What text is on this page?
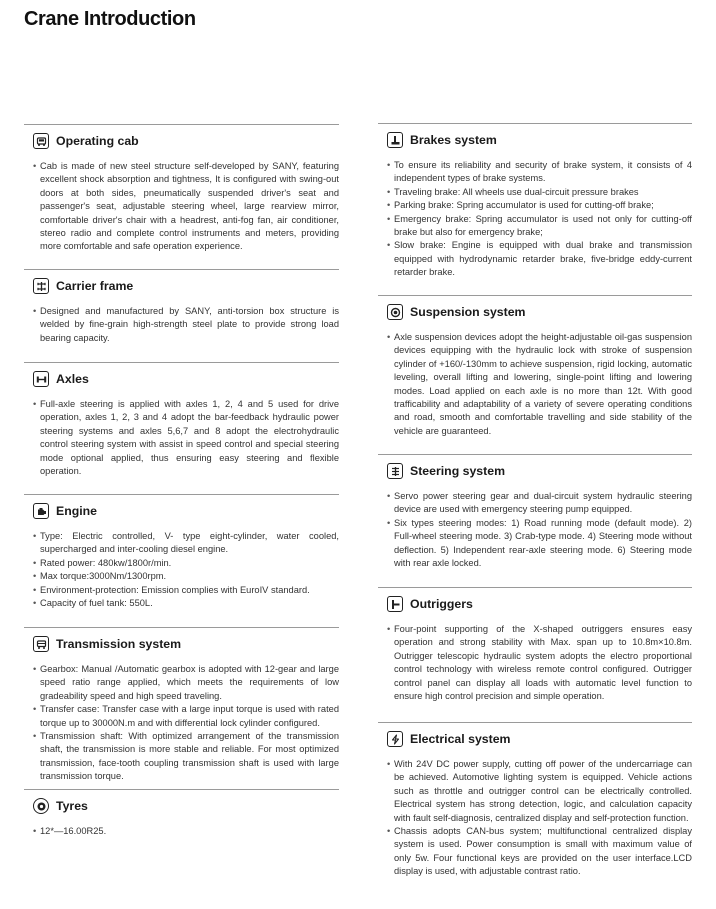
Crane Introduction
Operating cab
• Cab is made of new steel structure self-developed by SANY, featuring excellent shock absorption and tightness, It is configured with swing-out doors at both sides, pneumatically suspended driver's seat and passenger's seat, adjustable steering wheel, large rearview mirror, comfortable driver's chair with a headrest, anti-fog fan, air conditioner, stereo radio and complete control instruments and meters, providing more comfortable and safe operation experience.
Carrier frame
• Designed and manufactured by SANY, anti-torsion box structure is welded by fine-grain high-strength steel plate to provide strong load bearing capacity.
Axles
• Full-axle steering is applied with axles 1, 2, 4 and 5 used for drive operation, axles 1, 2, 3 and 4 adopt the bar-feedback hydraulic power steering systems and axles 5,6,7 and 8 adopt the electrohydraulic control steering system with assist in speed control and special steering mode optional applied, thus ensuring easy steering and flexible operation.
Engine
• Type: Electric controlled, V- type eight-cylinder, water cooled, supercharged and inter-cooling diesel engine.
• Rated power: 480kw/1800r/min.
• Max torque:3000Nm/1300rpm.
• Environment-protection: Emission complies with EuroIV standard.
• Capacity of fuel tank: 550L.
Transmission system
• Gearbox: Manual /Automatic gearbox is adopted with 12-gear and large speed ratio range applied, which meets the requirements of low gradeability speed and high speed traveling.
• Transfer case: Transfer case with a large input torque is used with rated torque up to 30000N.m and with differential lock cylinder configured.
• Transmission shaft: With optimized arrangement of the transmission shaft, the transmission is more stable and reliable. For most optimized transmission, face-tooth coupling transmission shaft is used with large transmission torque.
Tyres
• 12*—16.00R25.
Brakes system
• To ensure its reliability and security of brake system, it consists of 4 independent types of brake systems.
• Traveling brake: All wheels use dual-circuit pressure brakes
• Parking brake: Spring accumulator is used for cutting-off brake;
• Emergency brake: Spring accumulator is used not only for cutting-off brake but also for emergency brake;
• Slow brake: Engine is equipped with dual brake and transmission equipped with hydrodynamic retarder brake, five-bridge eddy-current retarder brake.
Suspension system
• Axle suspension devices adopt the height-adjustable oil-gas suspension devices equipping with the hydraulic lock with stroke of suspension cylinder of +160/-130mm to achieve suspension, rigid locking, automatic leveling, overall lifting and lowering, single-point lifting and lowering modes. Load applied on each axle is no more than 12t. With good trafficability and adaptability of a variety of severe operating conditions and road, smooth and comfortable travelling and side stability of the vehicle are guaranteed.
Steering system
• Servo power steering gear and dual-circuit system hydraulic steering device are used with emergency steering pump equipped.
• Six types steering modes: 1) Road running mode (default mode). 2) Full-wheel steering mode. 3) Crab-type mode. 4) Steering mode without deflection. 5) Independent rear-axle steering mode. 6) Steering mode with rear axle locked.
Outriggers
• Four-point supporting of the X-shaped outriggers ensures easy operation and strong stability with Max. span up to 10.8m×10.8m. Outrigger telescopic hydraulic system adopts the electro proportional control technology with wireless remote control configured. Outrigger control panel can display all loads with automatic level function to ensure high control precision and simple operation.
Electrical system
• With 24V DC power supply, cutting off power of the undercarriage can be achieved. Automotive lighting system is equipped. Vehicle actions such as throttle and outrigger control can be electrically controlled. Electrical system has strong detection, logic, and calculation capacity with fault self-diagnosis, centralized display and self-protection function.
• Chassis adopts CAN-bus system; multifunctional centralized display system is used. Power consumption is small with maximum value of only 5w. Four functional keys are provided on the user interface.LCD display is used, with adjustable contrast ratio.
